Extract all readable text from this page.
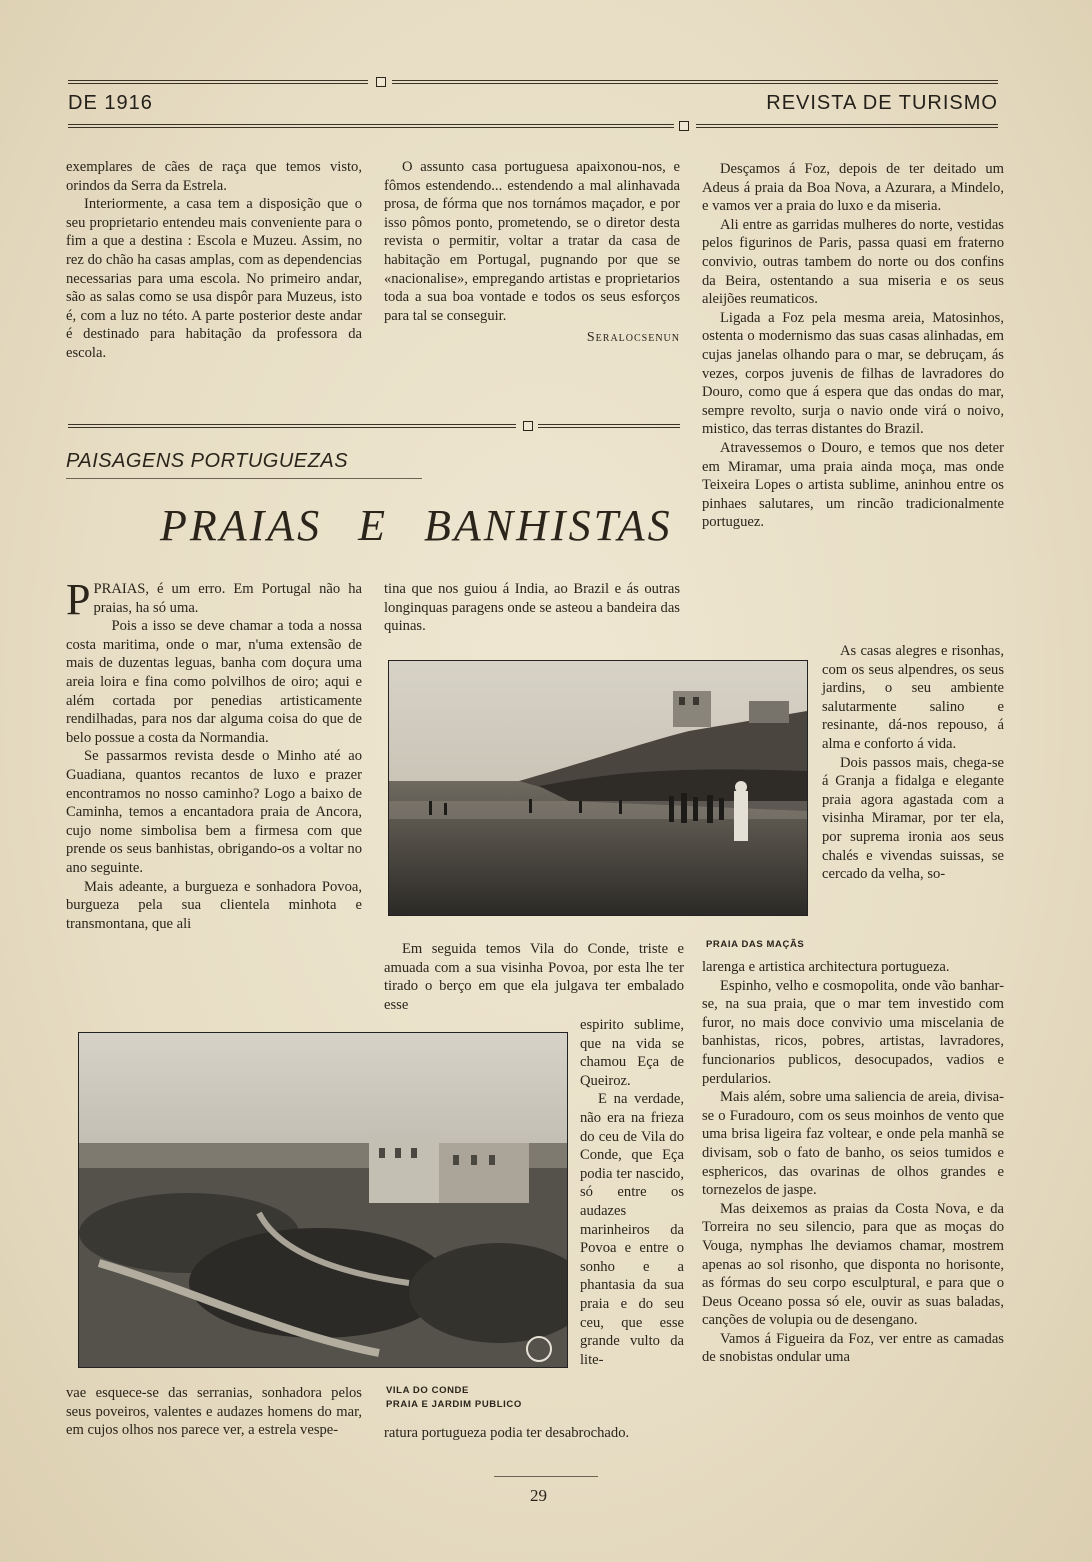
DE 1916	REVISTA DE TURISMO

exemplares de cães de raça que temos visto, orindos da Serra da Estrela.

Interiormente, a casa tem a disposição que o seu proprietario entendeu mais conveniente para o fim a que a destina : Escola e Muzeu. Assim, no rez do chão ha casas amplas, com as dependencias necessarias para uma escola. No primeiro andar, são as salas como se usa dispôr para Muzeus, isto é, com a luz no této. A parte posterior deste andar é destinado para habitação da professora da escola.

O assunto casa portuguesa apaixonou-nos, e fômos estendendo... estendendo a mal alinhavada prosa, de fórma que nos tornámos maçador, e por isso pômos ponto, prometendo, se o diretor desta revista o permitir, voltar a tratar da casa de habitação em Portugal, pugnando por que se «nacionalise», empregando artistas e proprietarios toda a sua boa vontade e todos os seus esforços para tal se conseguir.

Seralocsenun
PAISAGENS PORTUGUEZAS
PRAIAS E BANHISTAS

PPRAIAS, é um erro. Em Portugal não ha praias, ha só uma.

Pois a isso se deve chamar a toda a nossa costa maritima, onde o mar, n'uma extensão de mais de duzentas leguas, banha com doçura uma areia loira e fina como polvilhos de oiro; aqui e além cortada por penedias artisticamente rendilhadas, para nos dar alguma coisa do que de belo possue a costa da Normandia.

Se passarmos revista desde o Minho até ao Guadiana, quantos recantos de luxo e prazer encontramos no nosso caminho? Logo a baixo de Caminha, temos a encantadora praia de Ancora, cujo nome simbolisa bem a firmesa com que prende os seus banhistas, obrigando-os a voltar no ano seguinte.

Mais adeante, a burgueza e sonhadora Povoa, burgueza pela sua clientela minhota e transmontana, que ali

tina que nos guiou á India, ao Brazil e ás outras longinquas paragens onde se asteou a bandeira das quinas.

PRAIA DAS MAÇÃS

Em seguida temos Vila do Conde, triste e amuada com a sua visinha Povoa, por esta lhe ter tirado o berço em que ela julgava ter embalado esse

VILA DO CONDE
PRAIA E JARDIM PUBLICO

espirito sublime, que na vida se chamou Eça de Queiroz.

E na verdade, não era na frieza do ceu de Vila do Conde, que Eça podia ter nascido, só entre os audazes marinheiros da Povoa e entre o sonho e a phantasia da sua praia e do seu ceu, que esse grande vulto da lite-

vae esquece-se das serranias, sonhadora pelos seus poveiros, valentes e audazes homens do mar, em cujos olhos nos parece ver, a estrela vespe-	ratura portugueza podia ter desabrochado.

Desçamos á Foz, depois de ter deitado um Adeus á praia da Boa Nova, a Azurara, a Mindelo, e vamos ver a praia do luxo e da miseria.

Ali entre as garridas mulheres do norte, vestidas pelos figurinos de Paris, passa quasi em fraterno convivio, outras tambem do norte ou dos confins da Beira, ostentando a sua miseria e os seus aleijões reumaticos.

Ligada a Foz pela mesma areia, Matosinhos, ostenta o modernismo das suas casas alinhadas, em cujas janelas olhando para o mar, se debruçam, ás vezes, corpos juvenis de filhas de lavradores do Douro, como que á espera que das ondas do mar, sempre revolto, surja o navio onde virá o noivo, mistico, das terras distantes do Brazil.

Atravessemos o Douro, e temos que nos deter em Miramar, uma praia ainda moça, mas onde Teixeira Lopes o artista sublime, aninhou entre os pinhaes salutares, um rincão tradicionalmente portuguez.

As casas alegres e risonhas, com os seus alpendres, os seus jardins, o seu ambiente salutarmente salino e resinante, dá-nos repouso, á alma e conforto á vida.

Dois passos mais, chega-se á Granja a fidalga e elegante praia agora agastada com a visinha Miramar, por ter ela, por suprema ironia aos seus chalés e vivendas suissas, se cercado da velha, so-

larenga e artistica architectura portugueza.

Espinho, velho e cosmopolita, onde vão banhar-se, na sua praia, que o mar tem investido com furor, no mais doce convivio uma miscelania de banhistas, ricos, pobres, artistas, lavradores, funcionarios publicos, desocupados, vadios e perdularios.

Mais além, sobre uma saliencia de areia, divisa-se o Furadouro, com os seus moinhos de vento que uma brisa ligeira faz voltear, e onde pela manhã se divisam, sob o fato de banho, os seios tumidos e esphericos, das ovarinas de olhos grandes e tornezelos de jaspe.

Mas deixemos as praias da Costa Nova, e da Torreira no seu silencio, para que as moças do Vouga, nymphas lhe deviamos chamar, mostrem apenas ao sol risonho, que disponta no horisonte, as fórmas do seu corpo esculptural, e para que o Deus Oceano possa só ele, ouvir as suas baladas, canções de volupia ou de desengano.

Vamos á Figueira da Foz, ver entre as camadas de snobistas ondular uma

29
